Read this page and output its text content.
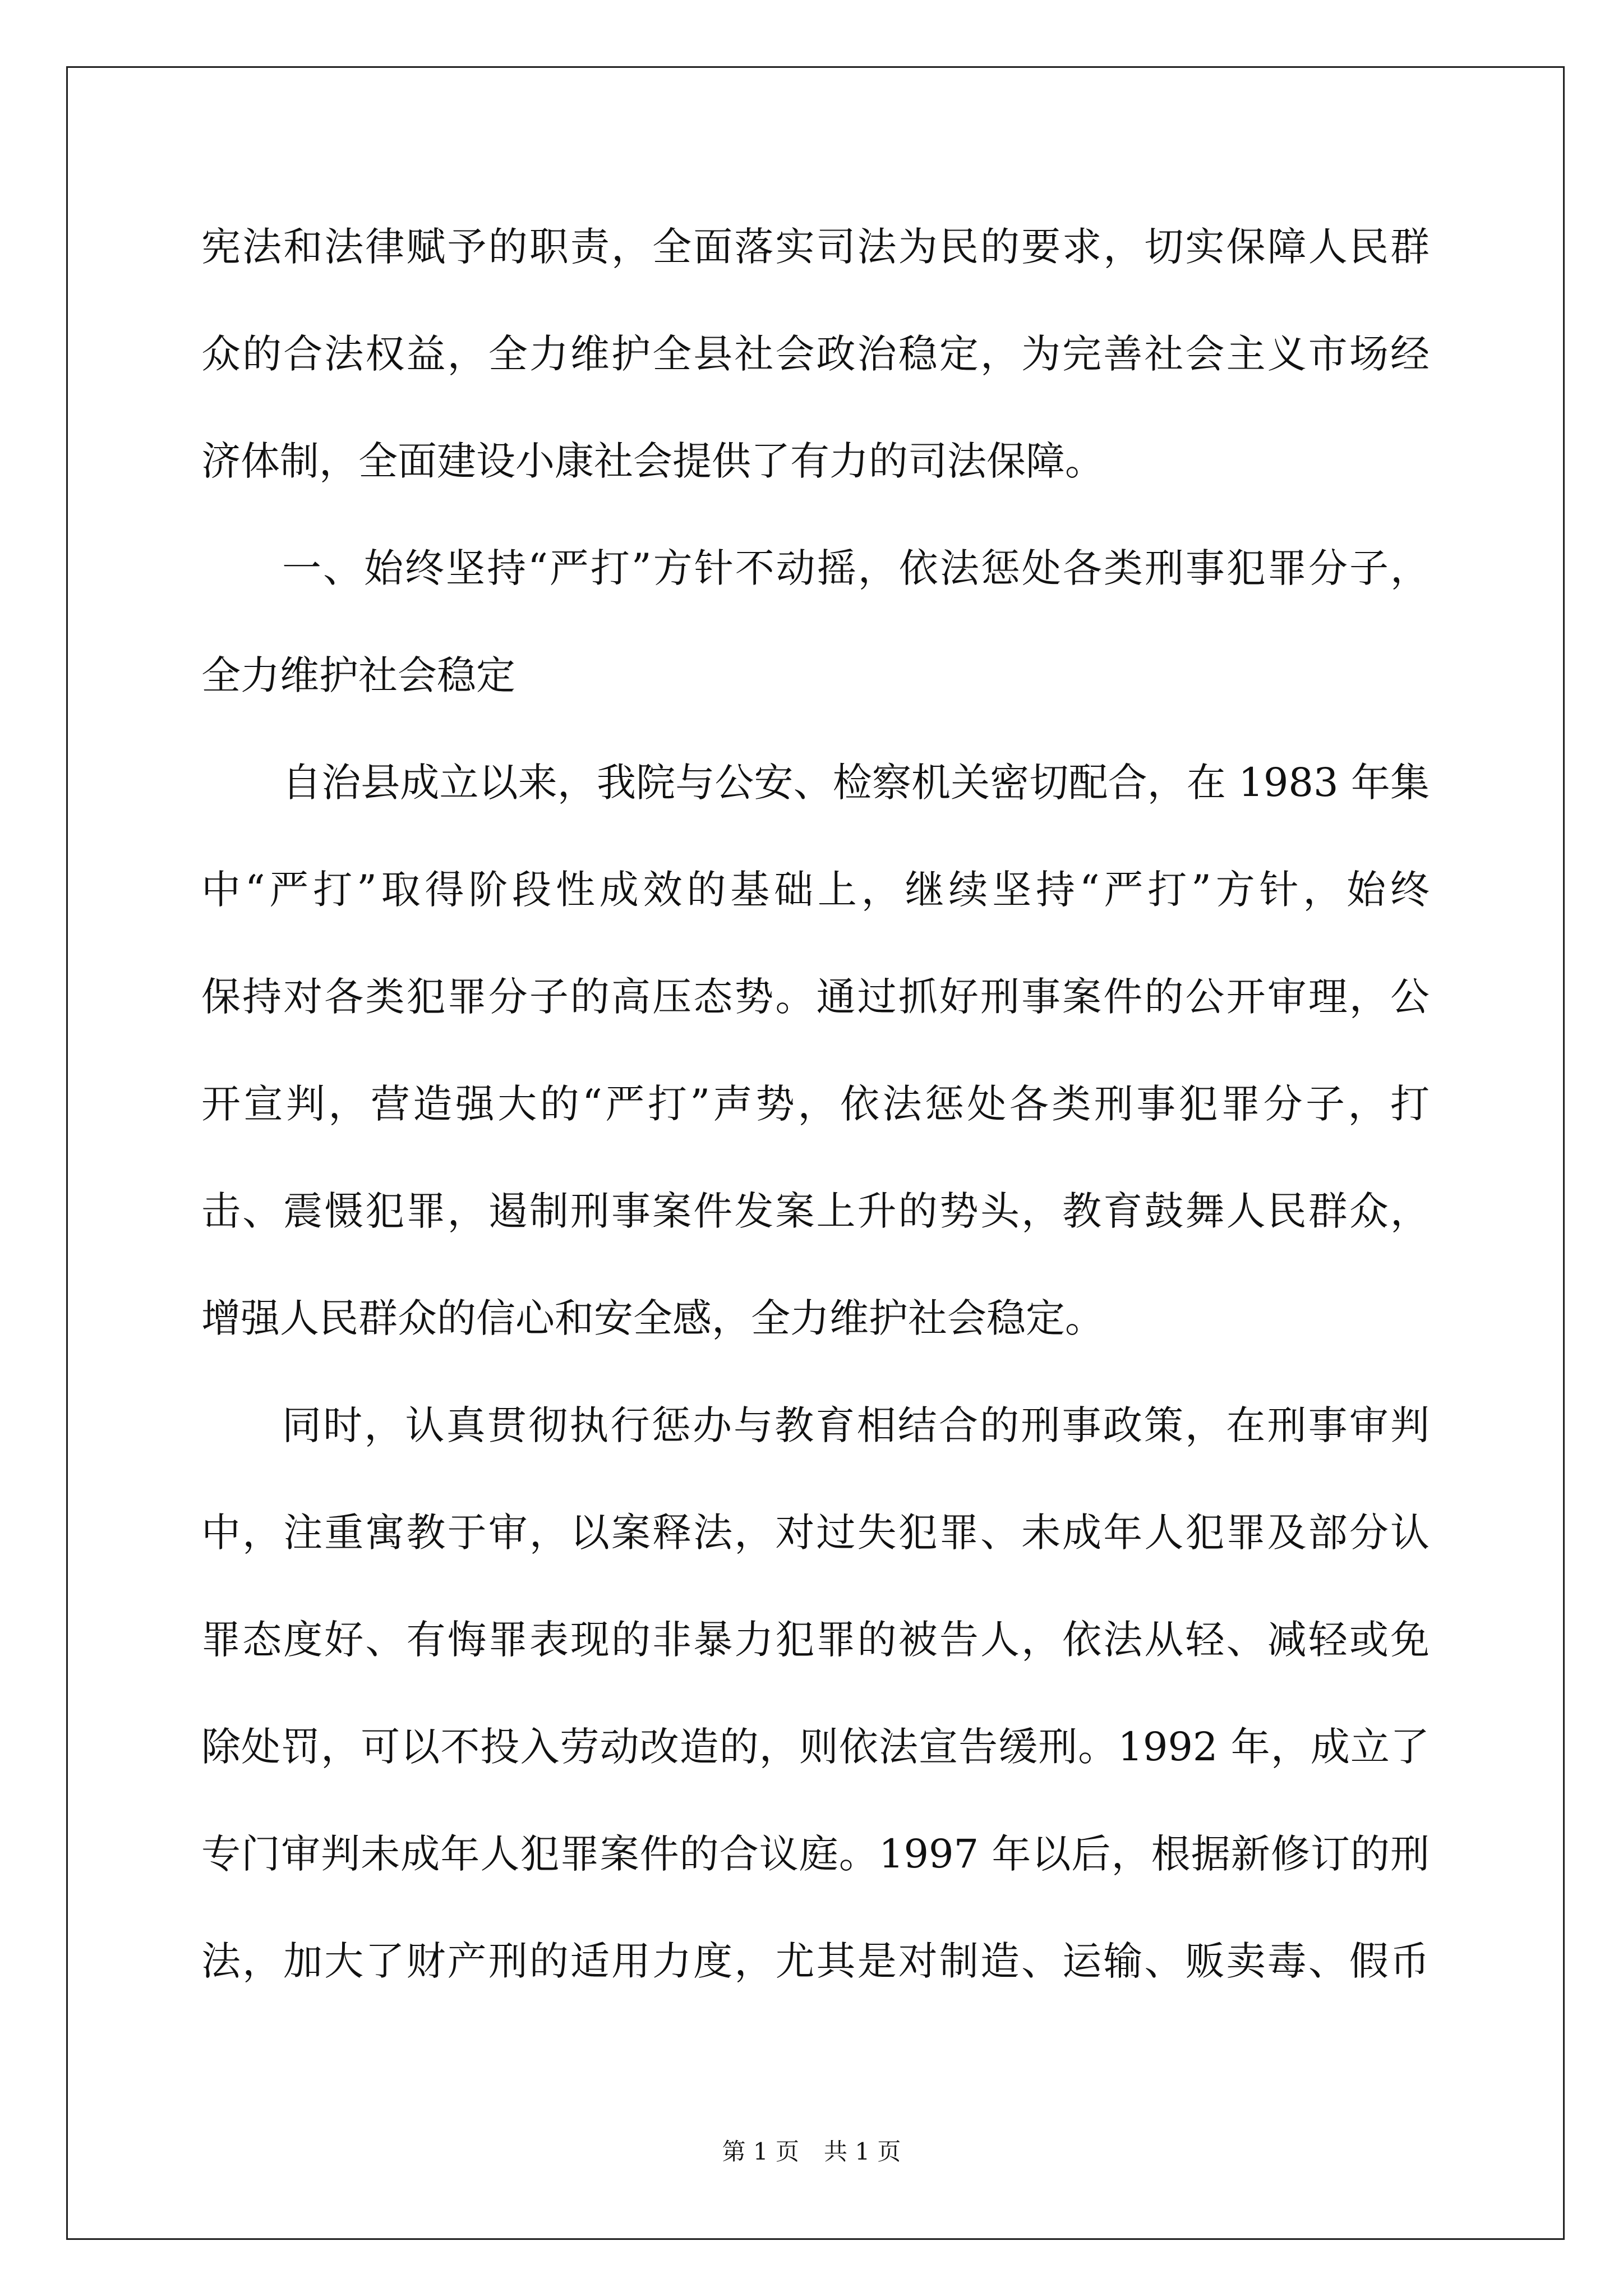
宪法和法律赋予的职责，全面落实司法为民的要求，切实保障人民群
众的合法权益，全力维护全县社会政治稳定，为完善社会主义市场经
济体制，全面建设小康社会提供了有力的司法保障。
一、始终坚持“严打”方针不动摇，依法惩处各类刑事犯罪分子，
全力维护社会稳定
自治县成立以来，我院与公安、检察机关密切配合，在 1983 年集
中“严打”取得阶段性成效的基础上，继续坚持“严打”方针，始终
保持对各类犯罪分子的高压态势。通过抓好刑事案件的公开审理，公
开宣判，营造强大的“严打”声势，依法惩处各类刑事犯罪分子，打
击、震慑犯罪，遏制刑事案件发案上升的势头，教育鼓舞人民群众，
增强人民群众的信心和安全感，全力维护社会稳定。
同时，认真贯彻执行惩办与教育相结合的刑事政策，在刑事审判
中，注重寓教于审，以案释法，对过失犯罪、未成年人犯罪及部分认
罪态度好、有悔罪表现的非暴力犯罪的被告人，依法从轻、减轻或免
除处罚，可以不投入劳动改造的，则依法宣告缓刑。1992 年，成立了
专门审判未成年人犯罪案件的合议庭。1997 年以后，根据新修订的刑
法，加大了财产刑的适用力度，尤其是对制造、运输、贩卖毒、假币
第 1 页 共 1 页
